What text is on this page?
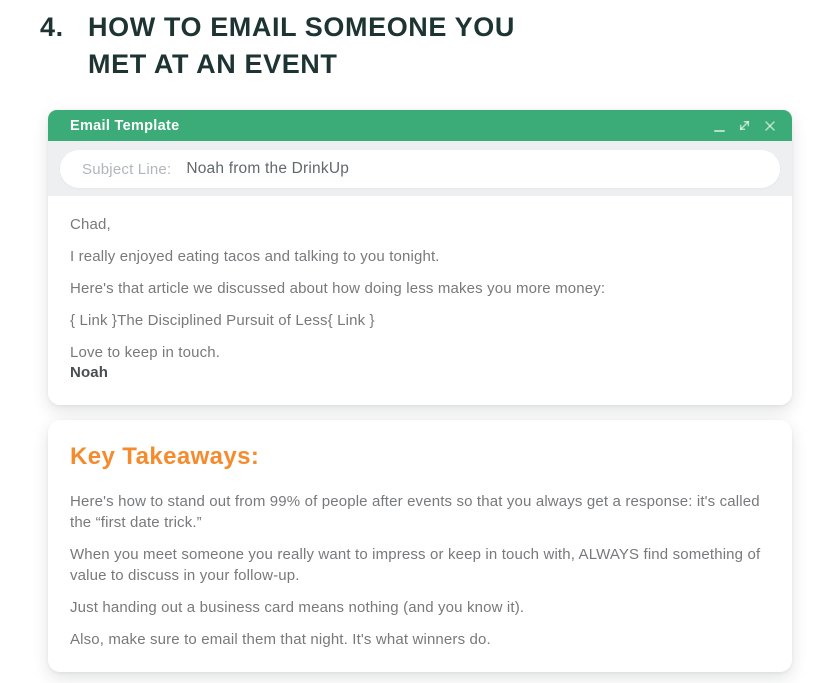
4. HOW TO EMAIL SOMEONE YOU
MET AT AN EVENT
Email Template
Subject Line: Noah from the DrinkUp

Chad,

I really enjoyed eating tacos and talking to you tonight.

Here's that article we discussed about how doing less makes you more money:

{ Link }The Disciplined Pursuit of Less{ Link }

Love to keep in touch.
Noah

Key Takeaways:

Here's how to stand out from 99% of people after events so that you always get a response: it's called the “first date trick.”

When you meet someone you really want to impress or keep in touch with, ALWAYS find something of value to discuss in your follow-up.

Just handing out a business card means nothing (and you know it).

Also, make sure to email them that night. It's what winners do.
